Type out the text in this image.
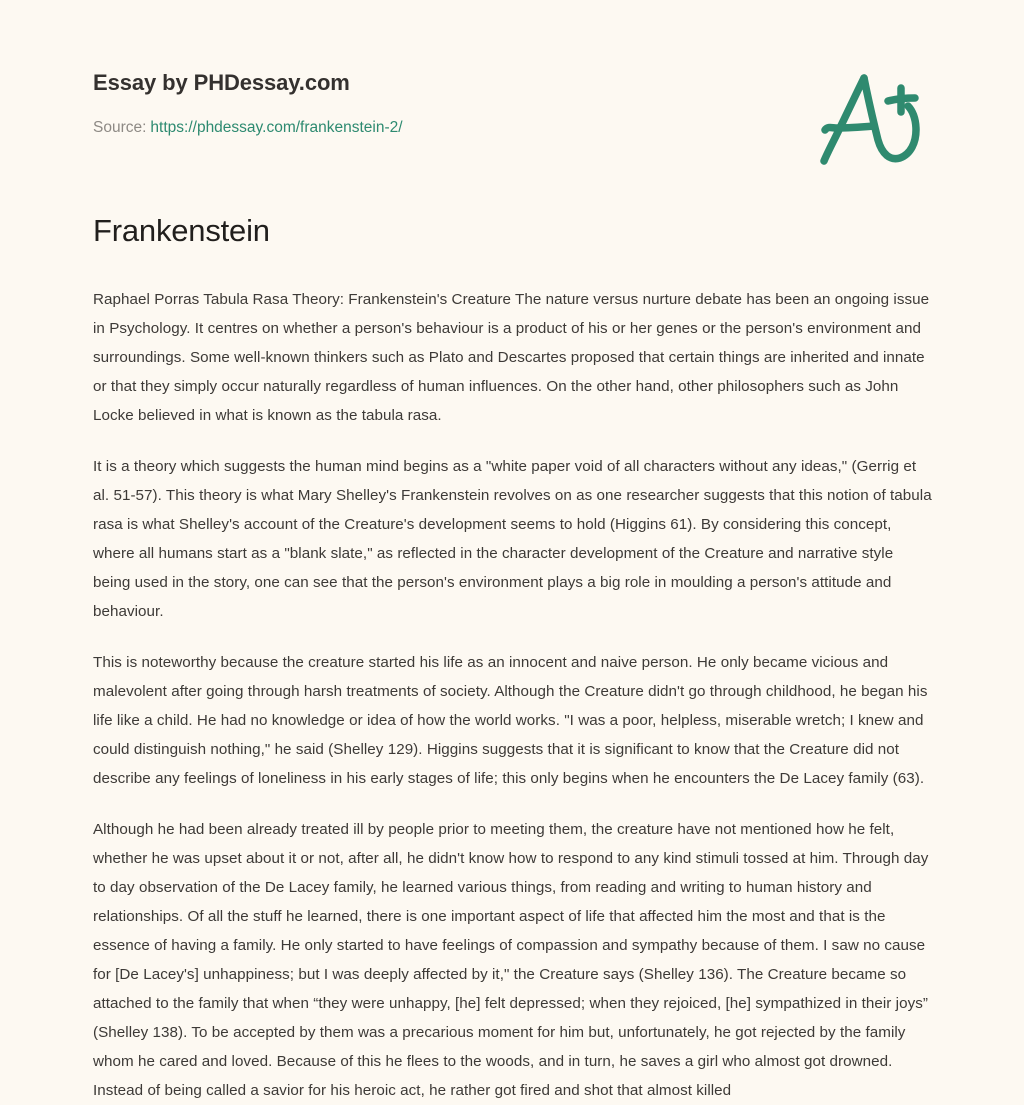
Essay by PHDessay.com
Source: https://phdessay.com/frankenstein-2/
Frankenstein

Raphael Porras Tabula Rasa Theory: Frankenstein's Creature The nature versus nurture debate has been an ongoing issue in Psychology. It centres on whether a person's behaviour is a product of his or her genes or the person's environment and surroundings. Some well-known thinkers such as Plato and Descartes proposed that certain things are inherited and innate or that they simply occur naturally regardless of human influences. On the other hand, other philosophers such as John Locke believed in what is known as the tabula rasa.

It is a theory which suggests the human mind begins as a "white paper void of all characters without any ideas," (Gerrig et al. 51-57). This theory is what Mary Shelley's Frankenstein revolves on as one researcher suggests that this notion of tabula rasa is what Shelley's account of the Creature's development seems to hold (Higgins 61). By considering this concept, where all humans start as a "blank slate," as reflected in the character development of the Creature and narrative style being used in the story, one can see that the person's environment plays a big role in moulding a person's attitude and behaviour.

This is noteworthy because the creature started his life as an innocent and naive person. He only became vicious and malevolent after going through harsh treatments of society. Although the Creature didn't go through childhood, he began his life like a child. He had no knowledge or idea of how the world works. "I was a poor, helpless, miserable wretch; I knew and could distinguish nothing," he said (Shelley 129). Higgins suggests that it is significant to know that the Creature did not describe any feelings of loneliness in his early stages of life; this only begins when he encounters the De Lacey family (63).

Although he had been already treated ill by people prior to meeting them, the creature have not mentioned how he felt, whether he was upset about it or not, after all, he didn't know how to respond to any kind stimuli tossed at him. Through day to day observation of the De Lacey family, he learned various things, from reading and writing to human history and relationships. Of all the stuff he learned, there is one important aspect of life that affected him the most and that is the essence of having a family. He only started to have feelings of compassion and sympathy because of them. I saw no cause for [De Lacey's] unhappiness; but I was deeply affected by it," the Creature says (Shelley 136). The Creature became so attached to the family that when “they were unhappy, [he] felt depressed; when they rejoiced, [he] sympathized in their joys” (Shelley 138). To be accepted by them was a precarious moment for him but, unfortunately, he got rejected by the family whom he cared and loved. Because of this he flees to the woods, and in turn, he saves a girl who almost got drowned. Instead of being called a savior for his heroic act, he rather got fired and shot that almost killed
